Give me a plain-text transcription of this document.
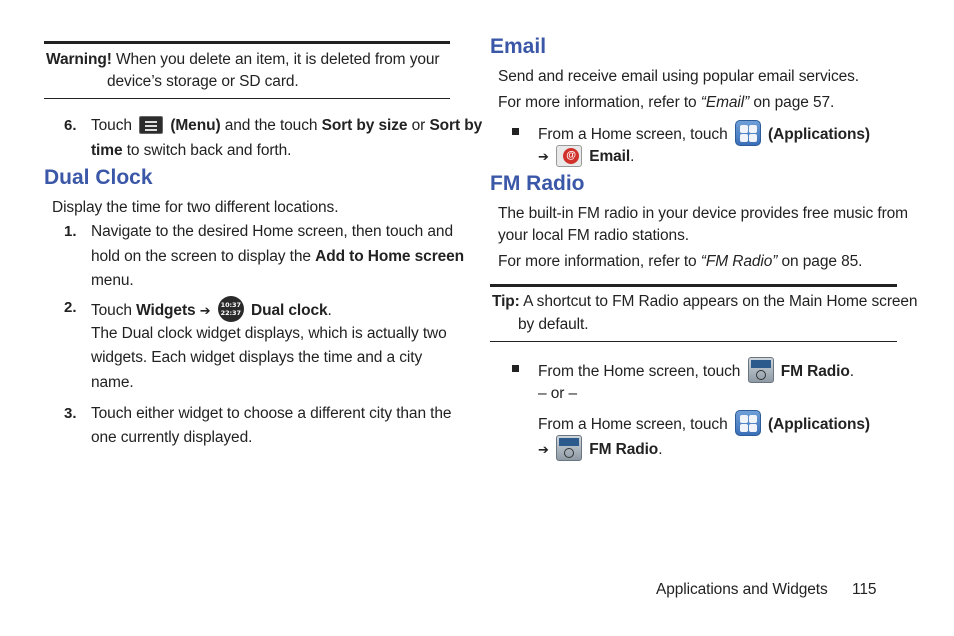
Warning! When you delete an item, it is deleted from your
device’s storage or SD card.
6. Touch (Menu) and the touch Sort by size or Sort by
time to switch back and forth.
Dual Clock
Display the time for two different locations.
1. Navigate to the desired Home screen, then touch and
hold on the screen to display the Add to Home screen
menu.
2. Touch Widgets ➔	10:37
22:37 Dual clock.
The Dual clock widget displays, which is actually two
widgets. Each widget displays the time and a city
name.
3. Touch either widget to choose a different city than the
one currently displayed.
Email
Send and receive email using popular email services.
For more information, refer to “Email” on page 57.
From a Home screen, touch	(Applications)
➔	@ Email.
FM Radio
The built-in FM radio in your device provides free music from
your local FM radio stations.
For more information, refer to “FM Radio” on page 85.
Tip: A shortcut to FM Radio appears on the Main Home screen
by default.
From the Home screen, touch	FM Radio.
– or –
From a Home screen, touch	(Applications)
➔	FM Radio.
Applications and Widgets 115
